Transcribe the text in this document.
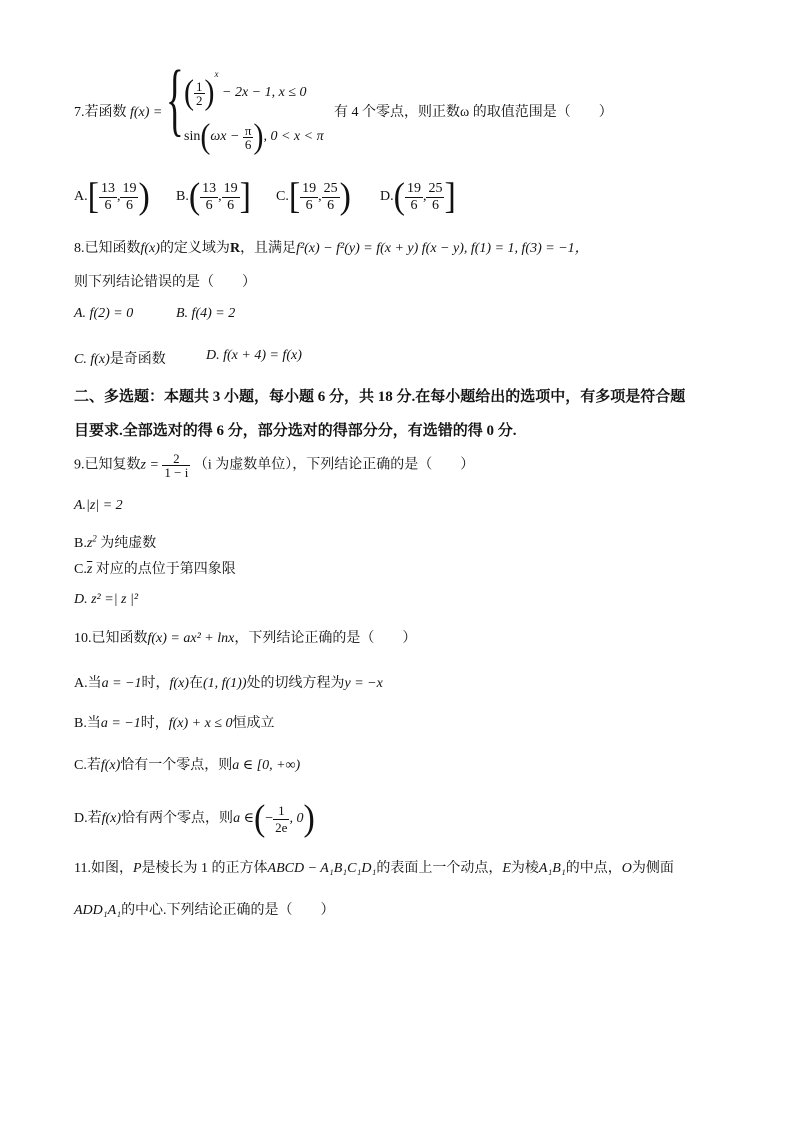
7.若函数 f(x) = { ( $\frac{1}{2} )^x - 2x - 1$, x ≤ 0
$\sin(\omega x - \frac{\pi}{6}$ ), 0 < x < π
有 4 个零点，则正数ω 的取值范围是（　　）
$A.[ \frac{13}{6}$ , $\frac{19}{6}$ ) $B.( \frac{13}{6}$ , $\frac{19}{6}$ ] $C.[ \frac{19}{6}$ , $\frac{25}{6}$ ) $D.( \frac{19}{6}$ , $\frac{25}{6}$ ]
8.已知函数f(x)的定义域为R，且满足f²(x) − f²(y) = f(x + y) f(x − y), f(1) = 1, f(3) = −1，
则下列结论错误的是（　　）
A. f(2) = 0	B. f(4) = 2
C. f(x)是奇函数	D. f(x + 4) = f(x)
二、多选题：本题共 3 小题，每小题 6 分，共 18 分.在每小题给出的选项中，有多项是符合题
目要求.全部选对的得 6 分，部分选对的得部分分，有选错的得 0 分.
9.已知复数$z = \frac{2}{1 - i} (i$ 为虚数单位），下列结论正确的是（　　）
A.|z| = 2
$B.z^2$ 为纯虚数
$C.\overline{z}$ 对应的点位于第四象限
D. z² =| z |²
10.已知函数f(x) = ax² + lnx，下列结论正确的是（　　）
A.当a = −1时，f(x)在(1, f(1))处的切线方程为y = −x
B.当a = −1时，f(x) + x ≤ 0恒成立
C.若f(x)恰有一个零点，则a ∈ [0, +∞)
D.若f(x)恰有两个零点，则a ∈(− $\frac{1}{2e}$ , 0)
11.如图，P是棱长为 1 的正方体ABCD − A₁B₁C₁D₁的表面上一个动点，E为棱A₁B₁的中点，O为侧面
ADD₁A₁的中心.下列结论正确的是（　　）
